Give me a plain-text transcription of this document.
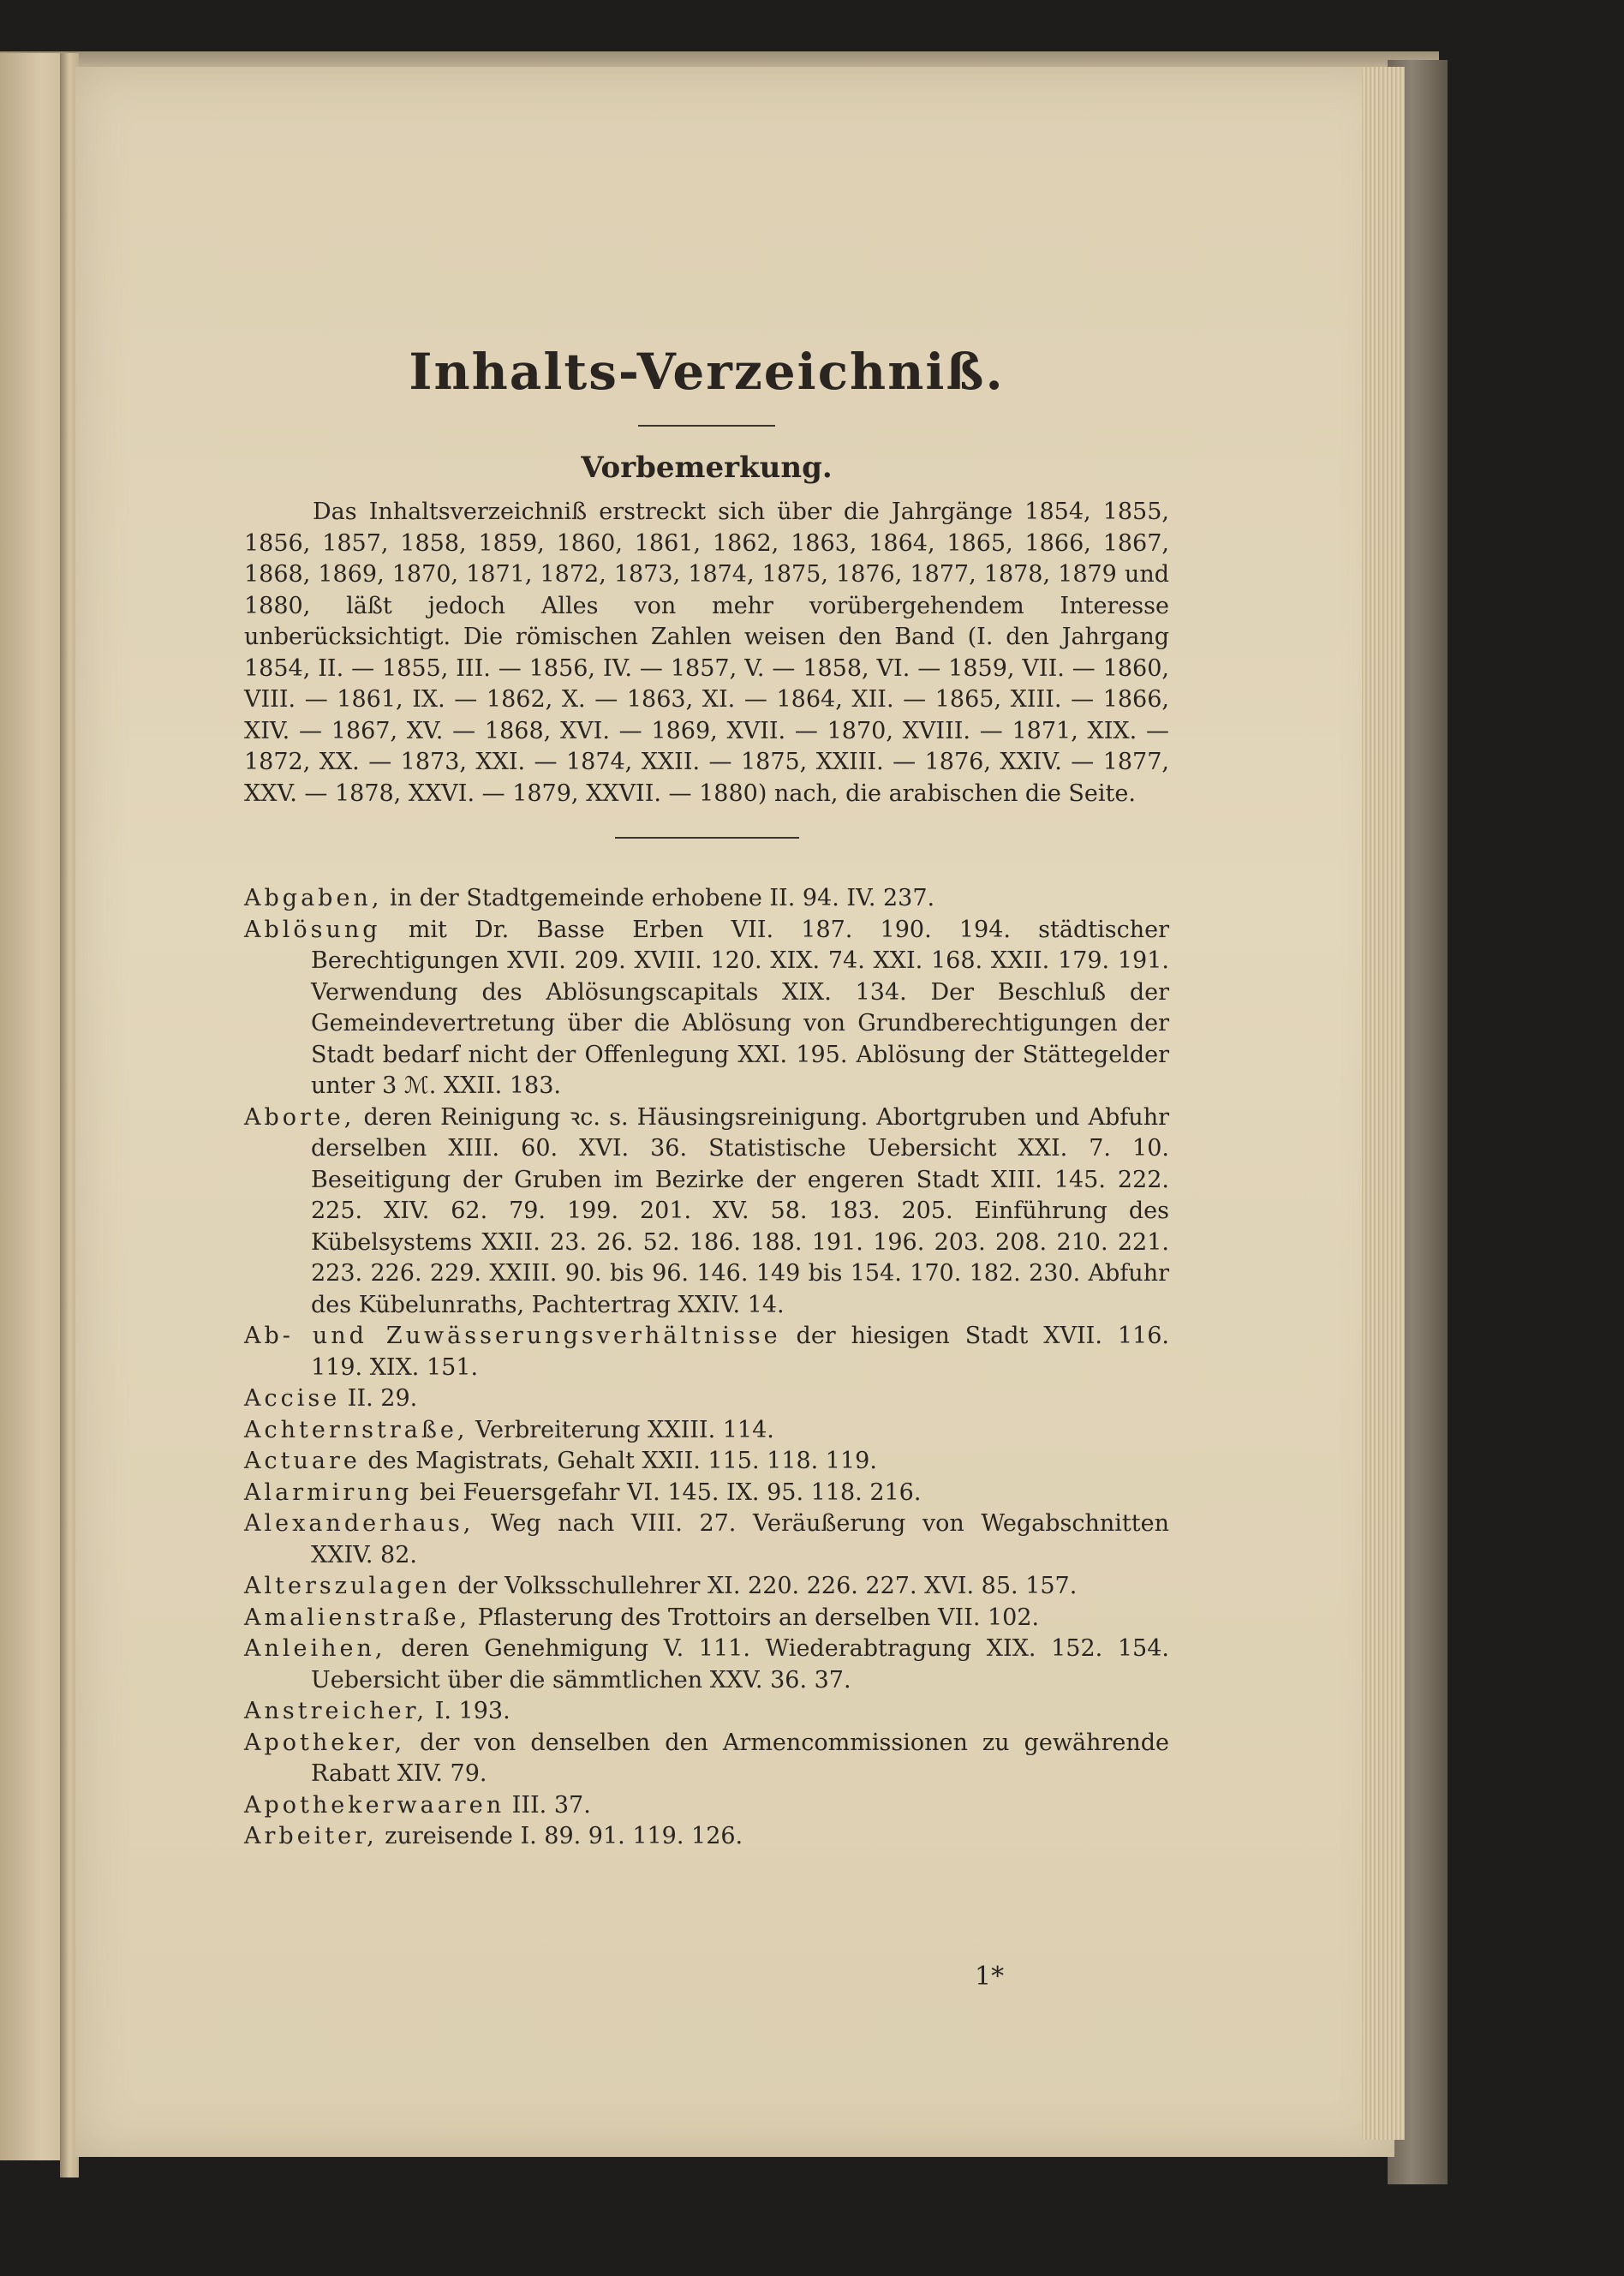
Inhalts-Verzeichniß.
Vorbemerkung.

Das Inhaltsverzeichniß erstreckt sich über die Jahrgänge 1854, 1855, 1856, 1857, 1858, 1859, 1860, 1861, 1862, 1863, 1864, 1865, 1866, 1867, 1868, 1869, 1870, 1871, 1872, 1873, 1874, 1875, 1876, 1877, 1878, 1879 und 1880, läßt jedoch Alles von mehr vorübergehendem Interesse unberücksichtigt. Die römischen Zahlen weisen den Band (I. den Jahrgang 1854, II. — 1855, III. — 1856, IV. — 1857, V. — 1858, VI. — 1859, VII. — 1860, VIII. — 1861, IX. — 1862, X. — 1863, XI. — 1864, XII. — 1865, XIII. — 1866, XIV. — 1867, XV. — 1868, XVI. — 1869, XVII. — 1870, XVIII. — 1871, XIX. — 1872, XX. — 1873, XXI. — 1874, XXII. — 1875, XXIII. — 1876, XXIV. — 1877, XXV. — 1878, XXVI. — 1879, XXVII. — 1880) nach, die arabischen die Seite.

Abgaben, in der Stadtgemeinde erhobene II. 94. IV. 237.

Ablösung mit Dr. Basse Erben VII. 187. 190. 194. städtischer Berechtigungen XVII. 209. XVIII. 120. XIX. 74. XXI. 168. XXII. 179. 191. Verwendung des Ablösungscapitals XIX. 134. Der Beschluß der Gemeindevertretung über die Ablösung von Grundberechtigungen der Stadt bedarf nicht der Offenlegung XXI. 195. Ablösung der Stättegelder unter 3 ℳ. XXII. 183.

Aborte, deren Reinigung ꝛc. s. Häusingsreinigung. Abortgruben und Abfuhr derselben XIII. 60. XVI. 36. Statistische Uebersicht XXI. 7. 10. Beseitigung der Gruben im Bezirke der engeren Stadt XIII. 145. 222. 225. XIV. 62. 79. 199. 201. XV. 58. 183. 205. Einführung des Kübelsystems XXII. 23. 26. 52. 186. 188. 191. 196. 203. 208. 210. 221. 223. 226. 229. XXIII. 90. bis 96. 146. 149 bis 154. 170. 182. 230. Abfuhr des Kübelunraths, Pachtertrag XXIV. 14.

Ab- und Zuwässerungsverhältnisse der hiesigen Stadt XVII. 116. 119. XIX. 151.

Accise II. 29.

Achternstraße, Verbreiterung XXIII. 114.

Actuare des Magistrats, Gehalt XXII. 115. 118. 119.

Alarmirung bei Feuersgefahr VI. 145. IX. 95. 118. 216.

Alexanderhaus, Weg nach VIII. 27. Veräußerung von Wegabschnitten XXIV. 82.

Alterszulagen der Volksschullehrer XI. 220. 226. 227. XVI. 85. 157.

Amalienstraße, Pflasterung des Trottoirs an derselben VII. 102.

Anleihen, deren Genehmigung V. 111. Wiederabtragung XIX. 152. 154. Uebersicht über die sämmtlichen XXV. 36. 37.

Anstreicher, I. 193.

Apotheker, der von denselben den Armencommissionen zu gewährende Rabatt XIV. 79.

Apothekerwaaren III. 37.

Arbeiter, zureisende I. 89. 91. 119. 126.

1*
